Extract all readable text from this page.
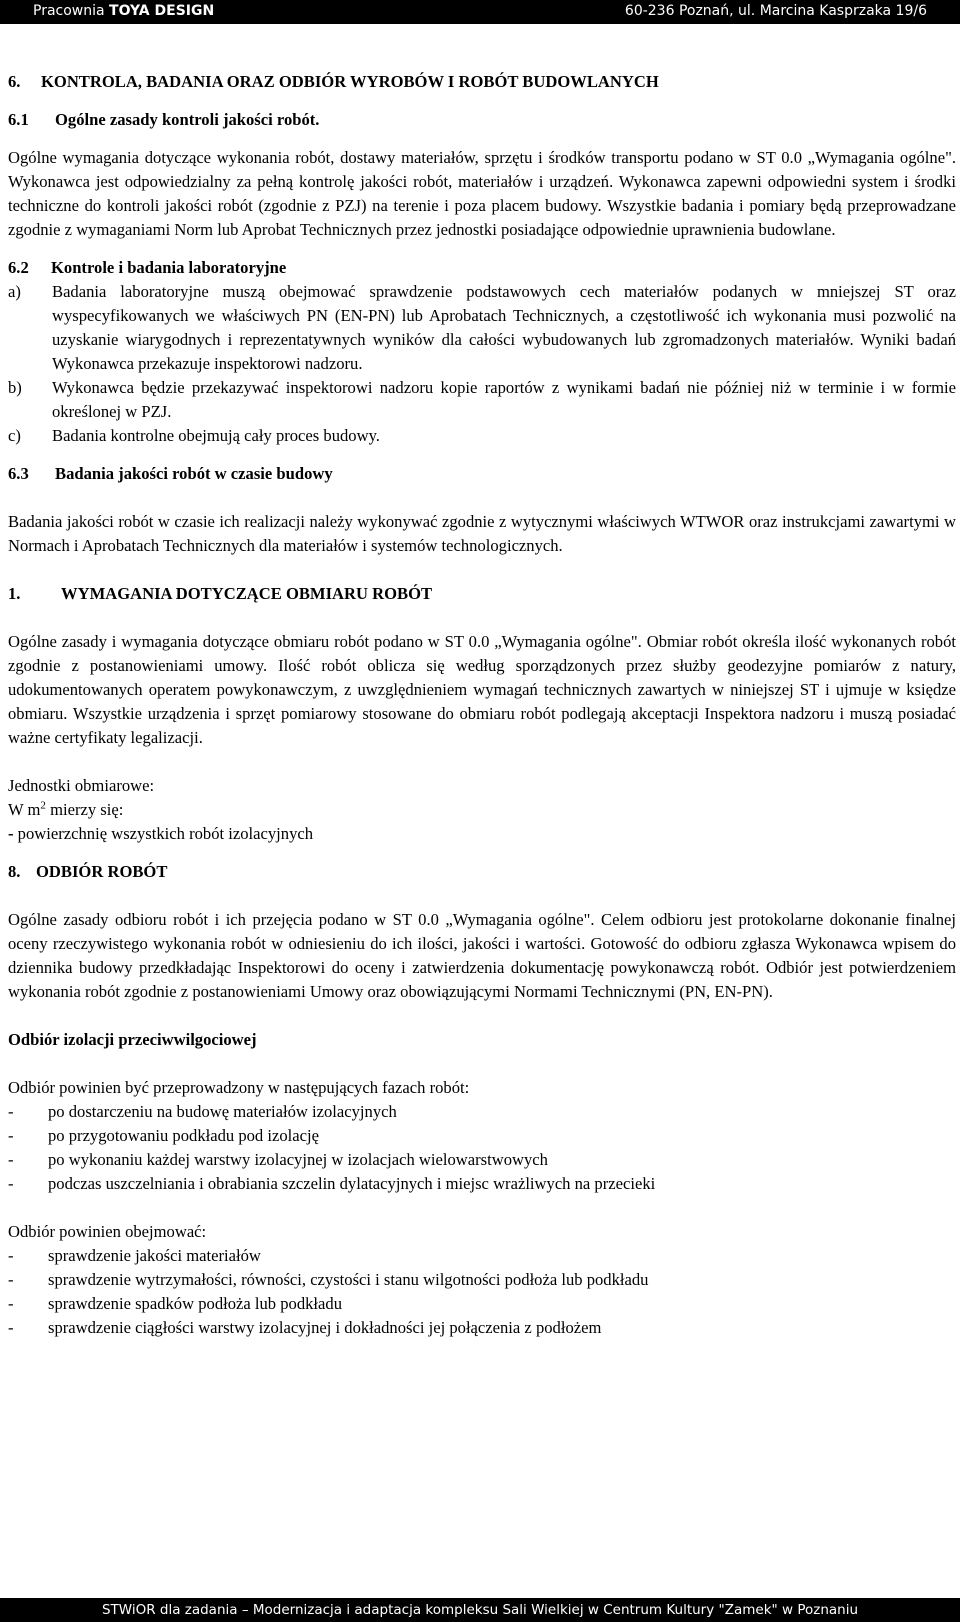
Pracownia TOYA DESIGN	60-236 Poznań, ul. Marcina Kasprzaka 19/6
6.	KONTROLA, BADANIA ORAZ ODBIÓR WYROBÓW I ROBÓT BUDOWLANYCH
6.1	Ogólne zasady kontroli jakości robót.

Ogólne wymagania dotyczące wykonania robót, dostawy materiałów, sprzętu i środków transportu podano w ST 0.0 „Wymagania ogólne". Wykonawca jest odpowiedzialny za pełną kontrolę jakości robót, materiałów i urządzeń. Wykonawca zapewni odpowiedni system i środki techniczne do kontroli jakości robót (zgodnie z PZJ) na terenie i poza placem budowy. Wszystkie badania i pomiary będą przeprowadzane zgodnie z wymaganiami Norm lub Aprobat Technicznych przez jednostki posiadające odpowiednie uprawnienia budowlane.

6.2	Kontrole i badania laboratoryjne
a)	Badania laboratoryjne muszą obejmować sprawdzenie podstawowych cech materiałów podanych w mniejszej ST oraz wyspecyfikowanych we właściwych PN (EN-PN) lub Aprobatach Technicznych, a częstotliwość ich wykonania musi pozwolić na uzyskanie wiarygodnych i reprezentatywnych wyników dla całości wybudowanych lub zgromadzonych materiałów. Wyniki badań Wykonawca przekazuje inspektorowi nadzoru.
b)	Wykonawca będzie przekazywać inspektorowi nadzoru kopie raportów z wynikami badań nie później niż w terminie i w formie określonej w PZJ.
c)	Badania kontrolne obejmują cały proces budowy.
6.3	Badania jakości robót w czasie budowy

Badania jakości robót w czasie ich realizacji należy wykonywać zgodnie z wytycznymi właściwych WTWOR oraz instrukcjami zawartymi w Normach i Aprobatach Technicznych dla materiałów i systemów technologicznych.

1.	WYMAGANIA DOTYCZĄCE OBMIARU ROBÓT

Ogólne zasady i wymagania dotyczące obmiaru robót podano w ST 0.0 „Wymagania ogólne". Obmiar robót określa ilość wykonanych robót zgodnie z postanowieniami umowy. Ilość robót oblicza się według sporządzonych przez służby geodezyjne pomiarów z natury, udokumentowanych operatem powykonawczym, z uwzględnieniem wymagań technicznych zawartych w niniejszej ST i ujmuje w księdze obmiaru. Wszystkie urządzenia i sprzęt pomiarowy stosowane do obmiaru robót podlegają akceptacji Inspektora nadzoru i muszą posiadać ważne certyfikaty legalizacji.

Jednostki obmiarowe:

W $m^2$ mierzy się:

- powierzchnię wszystkich robót izolacyjnych

8. ODBIÓR ROBÓT

Ogólne zasady odbioru robót i ich przejęcia podano w ST 0.0 „Wymagania ogólne". Celem odbioru jest protokolarne dokonanie finalnej oceny rzeczywistego wykonania robót w odniesieniu do ich ilości, jakości i wartości. Gotowość do odbioru zgłasza Wykonawca wpisem do dziennika budowy przedkładając Inspektorowi do oceny i zatwierdzenia dokumentację powykonawczą robót. Odbiór jest potwierdzeniem wykonania robót zgodnie z postanowieniami Umowy oraz obowiązującymi Normami Technicznymi (PN, EN-PN).

Odbiór izolacji przeciwwilgociowej

Odbiór powinien być przeprowadzony w następujących fazach robót:

-	po dostarczeniu na budowę materiałów izolacyjnych
-	po przygotowaniu podkładu pod izolację
-	po wykonaniu każdej warstwy izolacyjnej w izolacjach wielowarstwowych
-	podczas uszczelniania i obrabiania szczelin dylatacyjnych i miejsc wrażliwych na przecieki

Odbiór powinien obejmować:

-	sprawdzenie jakości materiałów
-	sprawdzenie wytrzymałości, równości, czystości i stanu wilgotności podłoża lub podkładu
-	sprawdzenie spadków podłoża lub podkładu
-	sprawdzenie ciągłości warstwy izolacyjnej i dokładności jej połączenia z podłożem
STWiOR dla zadania – Modernizacja i adaptacja kompleksu Sali Wielkiej w Centrum Kultury "Zamek" w Poznaniu
